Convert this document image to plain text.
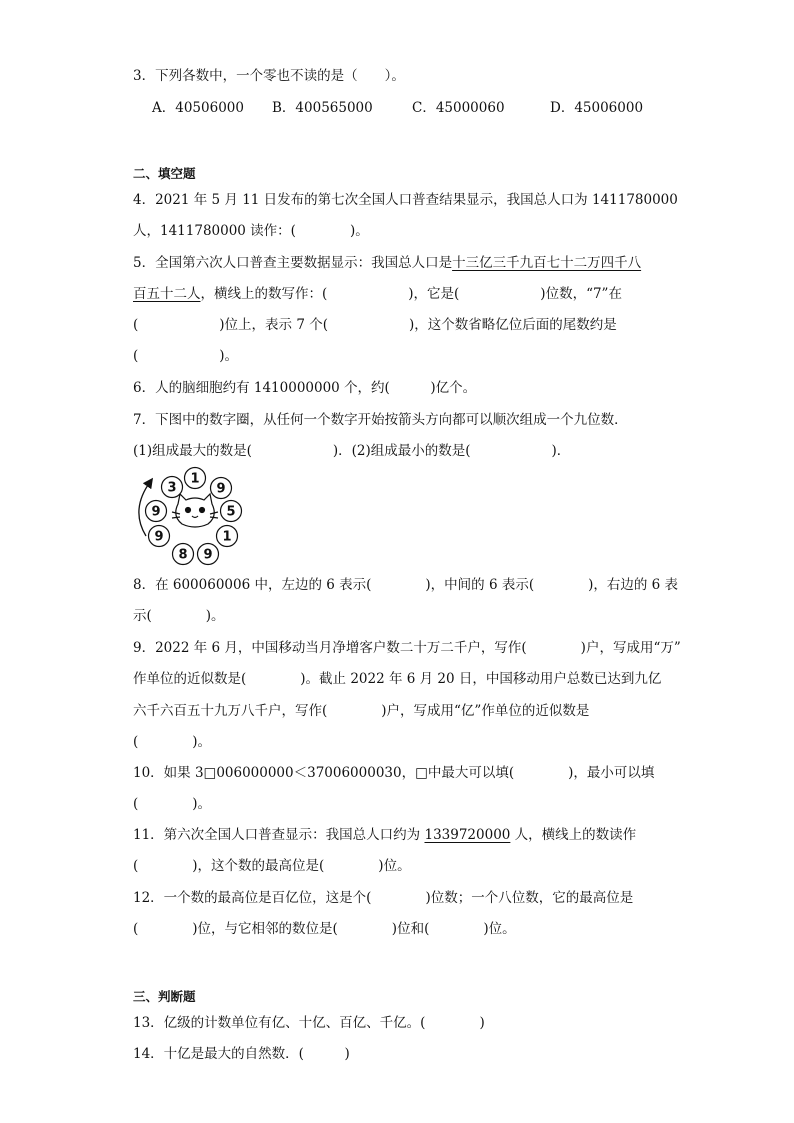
3．下列各数中，一个零也不读的是（　　）。
A．40506000 B．400565000	C．45000060	D．45006000
二、填空题
4．2021 年 5 月 11 日发布的第七次全国人口普查结果显示，我国总人口为 1411780000
人，1411780000 读作：(　　　　)。
5．全国第六次人口普查主要数据显示：我国总人口是十三亿三千九百七十二万四千八
百五十二人，横线上的数写作：(　　　　　　)，它是(　　　　　　)位数，“7”在
(　　　　　　)位上，表示 7 个(　　　　　　)，这个数省略亿位后面的尾数约是
(　　　　　　)。
6．人的脑细胞约有 1410000000 个，约(　　　)亿个。
7．下图中的数字圈，从任何一个数字开始按箭头方向都可以顺次组成一个九位数．
(1)组成最大的数是(　　　　　　)．(2)组成最小的数是(　　　　　　)．
1
9
5
1
9
8
9
9
3
8．在 600060006 中，左边的 6 表示(　　　　)，中间的 6 表示(　　　　)，右边的 6 表
示(　　　　)。
9．2022 年 6 月，中国移动当月净增客户数二十万二千户，写作(　　　　)户，写成用“万”
作单位的近似数是(　　　　)。截止 2022 年 6 月 20 日，中国移动用户总数已达到九亿
六千六百五十九万八千户，写作(　　　　)户，写成用“亿”作单位的近似数是
(　　　　)。
10．如果 3□006000000＜37006000030，□中最大可以填(　　　　)，最小可以填
(　　　　)。
11．第六次全国人口普查显示：我国总人口约为 1339720000 人，横线上的数读作
(　　　　)，这个数的最高位是(　　　　)位。
12．一个数的最高位是百亿位，这是个(　　　　)位数；一个八位数，它的最高位是
(　　　　)位，与它相邻的数位是(　　　　)位和(　　　　)位。
三、判断题
13．亿级的计数单位有亿、十亿、百亿、千亿。(　　　　)
14．十亿是最大的自然数．(　　　)
